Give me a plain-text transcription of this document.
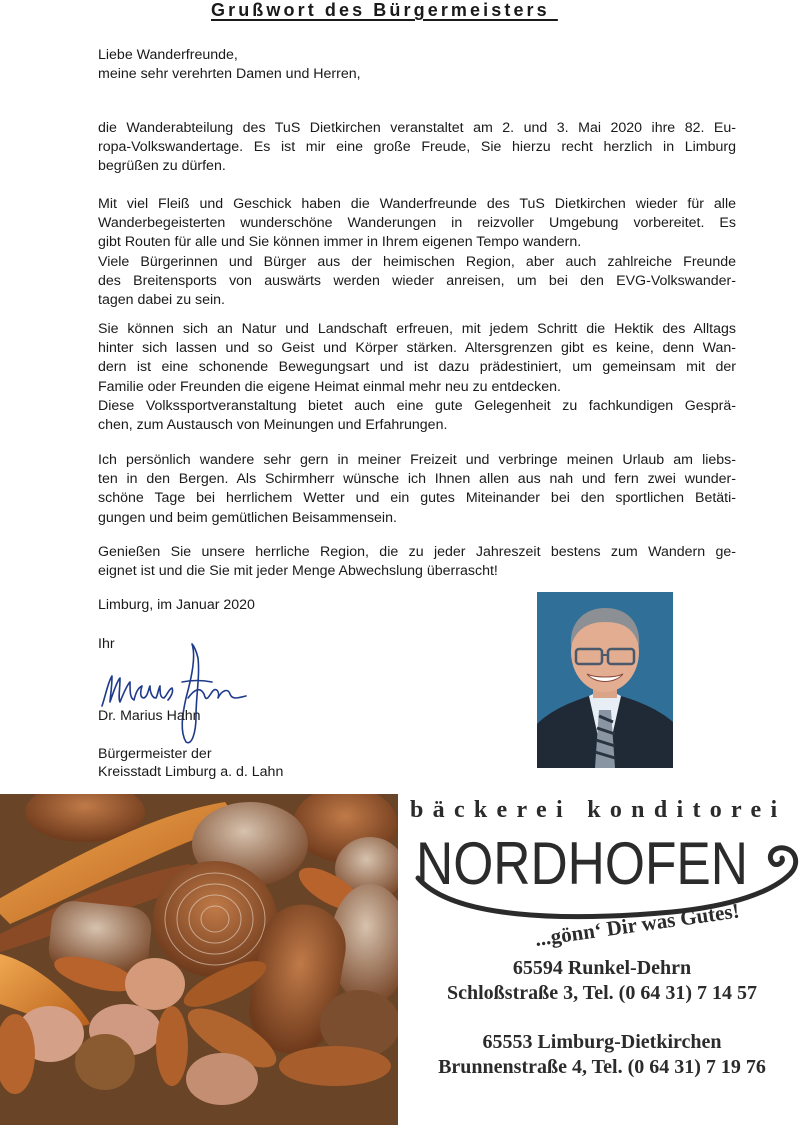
Grußwort des Bürgermeisters
Liebe Wanderfreunde,
meine sehr verehrten Damen und Herren,
die Wanderabteilung des TuS Dietkirchen veranstaltet am 2. und 3. Mai 2020 ihre 82. Eu-
ropa-Volkswandertage. Es ist mir eine große Freude, Sie hierzu recht herzlich in Limburg
begrüßen zu dürfen.
Mit viel Fleiß und Geschick haben die Wanderfreunde des TuS Dietkirchen wieder für alle
Wanderbegeisterten wunderschöne Wanderungen in reizvoller Umgebung vorbereitet. Es
gibt Routen für alle und Sie können immer in Ihrem eigenen Tempo wandern.
Viele Bürgerinnen und Bürger aus der heimischen Region, aber auch zahlreiche Freunde
des Breitensports von auswärts werden wieder anreisen, um bei den EVG-Volkswander-
tagen dabei zu sein.
Sie können sich an Natur und Landschaft erfreuen, mit jedem Schritt die Hektik des Alltags
hinter sich lassen und so Geist und Körper stärken. Altersgrenzen gibt es keine, denn Wan-
dern ist eine schonende Bewegungsart und ist dazu prädestiniert, um gemeinsam mit der
Familie oder Freunden die eigene Heimat einmal mehr neu zu entdecken.
Diese Volkssportveranstaltung bietet auch eine gute Gelegenheit zu fachkundigen Gesprä-
chen, zum Austausch von Meinungen und Erfahrungen.
Ich persönlich wandere sehr gern in meiner Freizeit und verbringe meinen Urlaub am liebs-
ten in den Bergen. Als Schirmherr wünsche ich Ihnen allen aus nah und fern zwei wunder-
schöne Tage bei herrlichem Wetter und ein gutes Miteinander bei den sportlichen Betäti-
gungen und beim gemütlichen Beisammensein.
Genießen Sie unsere herrliche Region, die zu jeder Jahreszeit bestens zum Wandern ge-
eignet ist und die Sie mit jeder Menge Abwechslung überrascht!
Limburg, im Januar 2020
Ihr
Dr. Marius Hahn
Bürgermeister der
Kreisstadt Limburg a. d. Lahn
bäckerei konditorei
NORDHOFEN
...gönn‘ Dir was Gutes!
65594 Runkel-Dehrn
Schloßstraße 3, Tel. (0 64 31) 7 14 57
65553 Limburg-Dietkirchen
Brunnenstraße 4, Tel. (0 64 31) 7 19 76
